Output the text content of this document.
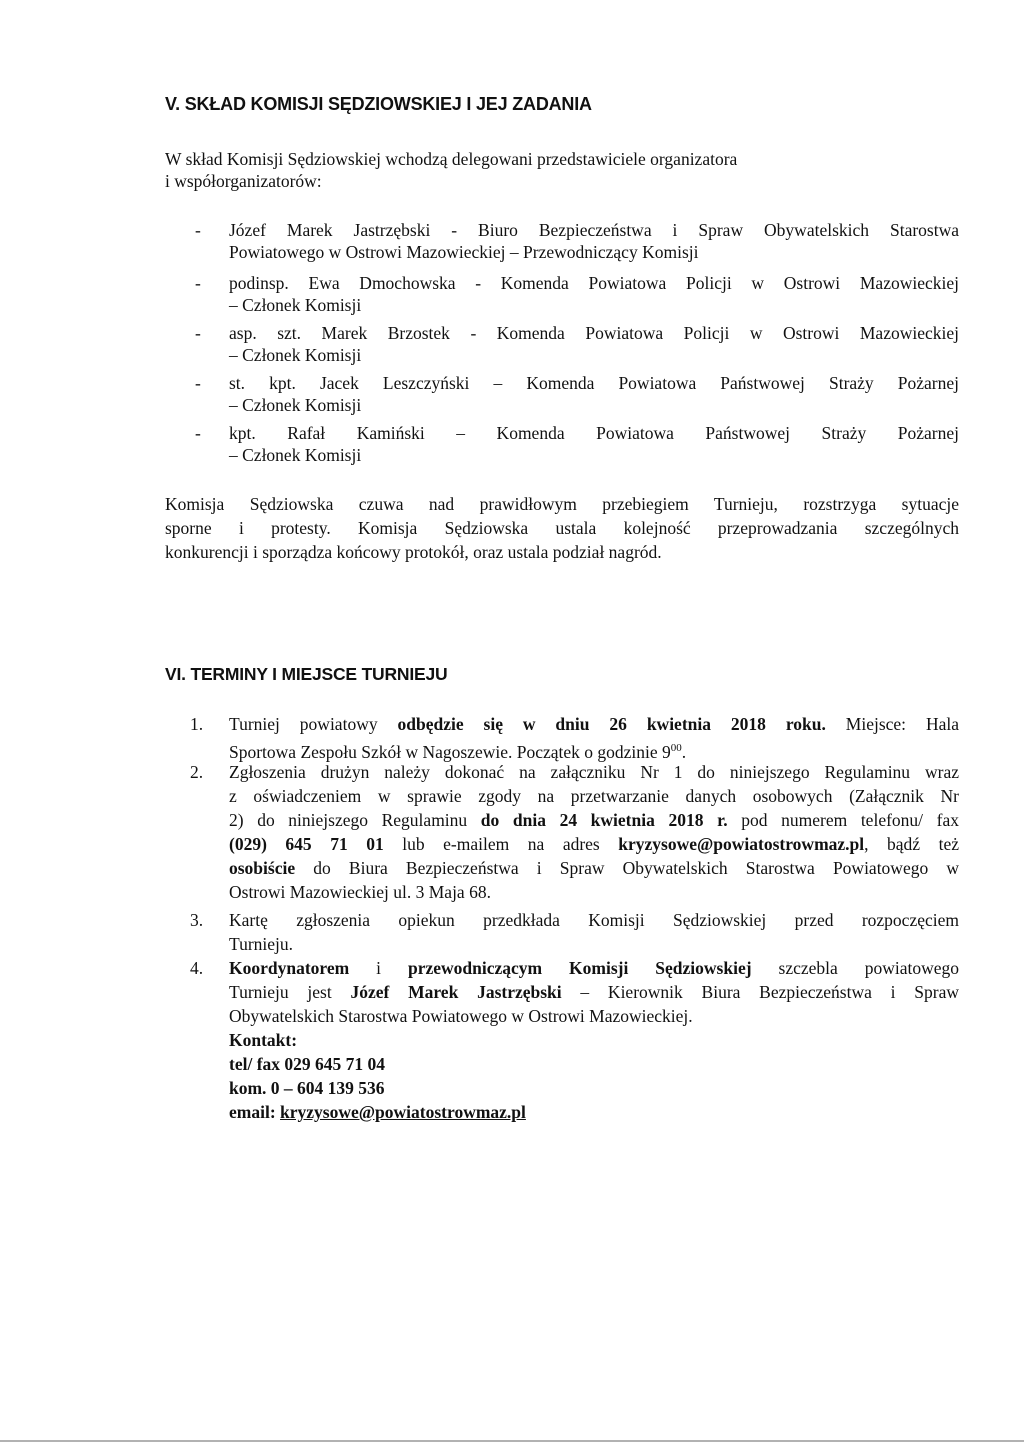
V. SKŁAD KOMISJI SĘDZIOWSKIEJ I JEJ ZADANIA
W skład Komisji Sędziowskiej wchodzą delegowani przedstawiciele organizatora
i współorganizatorów:
- Józef Marek Jastrzębski - Biuro Bezpieczeństwa i Spraw Obywatelskich Starostwa
Powiatowego w Ostrowi Mazowieckiej – Przewodniczący Komisji
- podinsp. Ewa Dmochowska - Komenda Powiatowa Policji w Ostrowi Mazowieckiej
– Członek Komisji
- asp. szt. Marek Brzostek - Komenda Powiatowa Policji w Ostrowi Mazowieckiej
– Członek Komisji
- st. kpt. Jacek Leszczyński – Komenda Powiatowa Państwowej Straży Pożarnej
– Członek Komisji
- kpt. Rafał Kamiński – Komenda Powiatowa Państwowej Straży Pożarnej
– Członek Komisji
Komisja Sędziowska czuwa nad prawidłowym przebiegiem Turnieju, rozstrzyga sytuacje
sporne i protesty. Komisja Sędziowska ustala kolejność przeprowadzania szczególnych
konkurencji i sporządza końcowy protokół, oraz ustala podział nagród.
VI. TERMINY I MIEJSCE TURNIEJU
1. Turniej powiatowy odbędzie się w dniu 26 kwietnia 2018 roku. Miejsce: Hala
Sportowa Zespołu Szkół w Nagoszewie. Początek o godzinie $9^{00}$.
2. Zgłoszenia drużyn należy dokonać na załączniku Nr 1 do niniejszego Regulaminu wraz
z oświadczeniem w sprawie zgody na przetwarzanie danych osobowych (Załącznik Nr
2) do niniejszego Regulaminu do dnia 24 kwietnia 2018 r. pod numerem telefonu/ fax
(029) 645 71 01 lub e-mailem na adres kryzysowe@powiatostrowmaz.pl, bądź też
osobiście do Biura Bezpieczeństwa i Spraw Obywatelskich Starostwa Powiatowego w
Ostrowi Mazowieckiej ul. 3 Maja 68.
3. Kartę zgłoszenia opiekun przedkłada Komisji Sędziowskiej przed rozpoczęciem
Turnieju.
4. Koordynatorem i przewodniczącym Komisji Sędziowskiej szczebla powiatowego
Turnieju jest Józef Marek Jastrzębski – Kierownik Biura Bezpieczeństwa i Spraw
Obywatelskich Starostwa Powiatowego w Ostrowi Mazowieckiej.
Kontakt:
tel/ fax 029 645 71 04
kom. 0 – 604 139 536
email: kryzysowe@powiatostrowmaz.pl
